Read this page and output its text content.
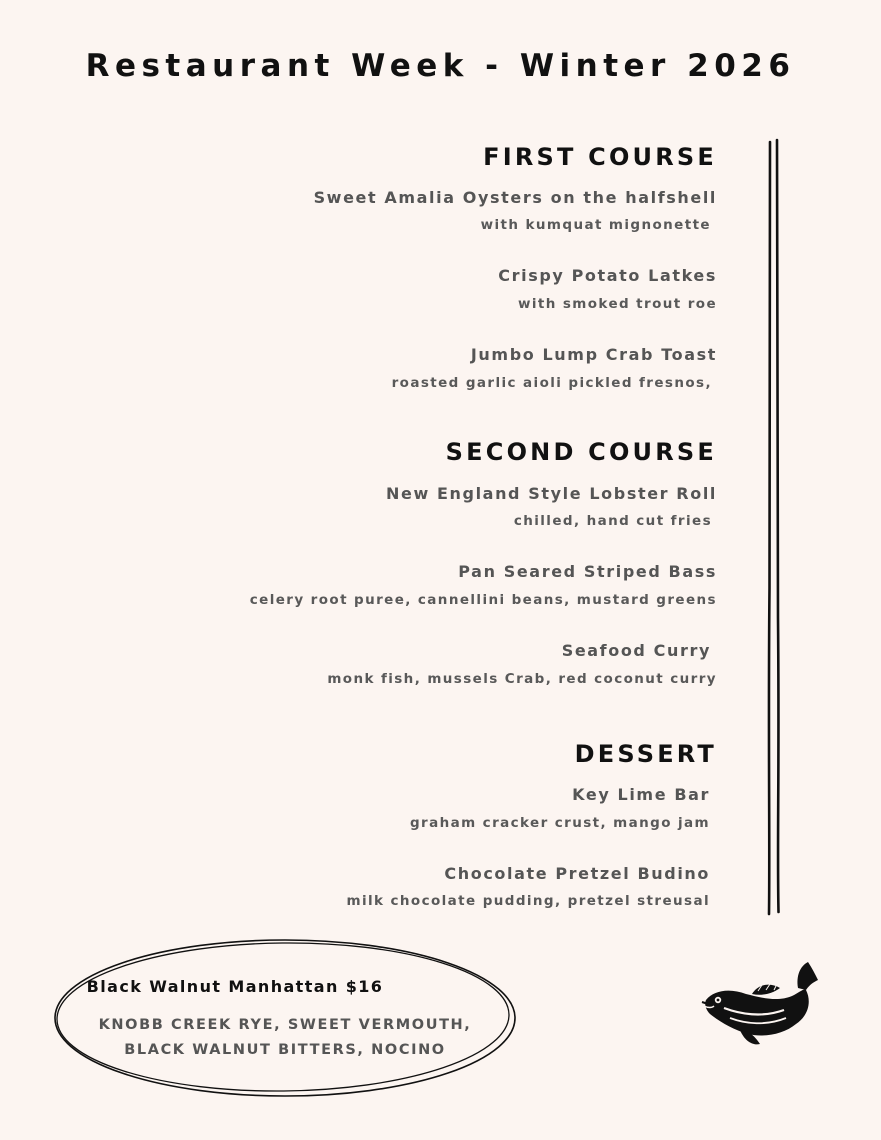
Restaurant Week - Winter 2026
FIRST COURSE
Sweet Amalia Oysters on the halfshell
with kumquat mignonette
Crispy Potato Latkes
with smoked trout roe
Jumbo Lump Crab Toast
roasted garlic aioli pickled fresnos,
SECOND COURSE
New England Style Lobster Roll
chilled, hand cut fries
Pan Seared Striped Bass
celery root puree, cannellini beans, mustard greens
Seafood Curry
monk fish, mussels Crab, red coconut curry
DESSERT
Key Lime Bar
graham cracker crust, mango jam
Chocolate Pretzel Budino
milk chocolate pudding, pretzel streusal
Black Walnut Manhattan $16
KNOBB CREEK RYE, SWEET VERMOUTH,
BLACK WALNUT BITTERS, NOCINO
